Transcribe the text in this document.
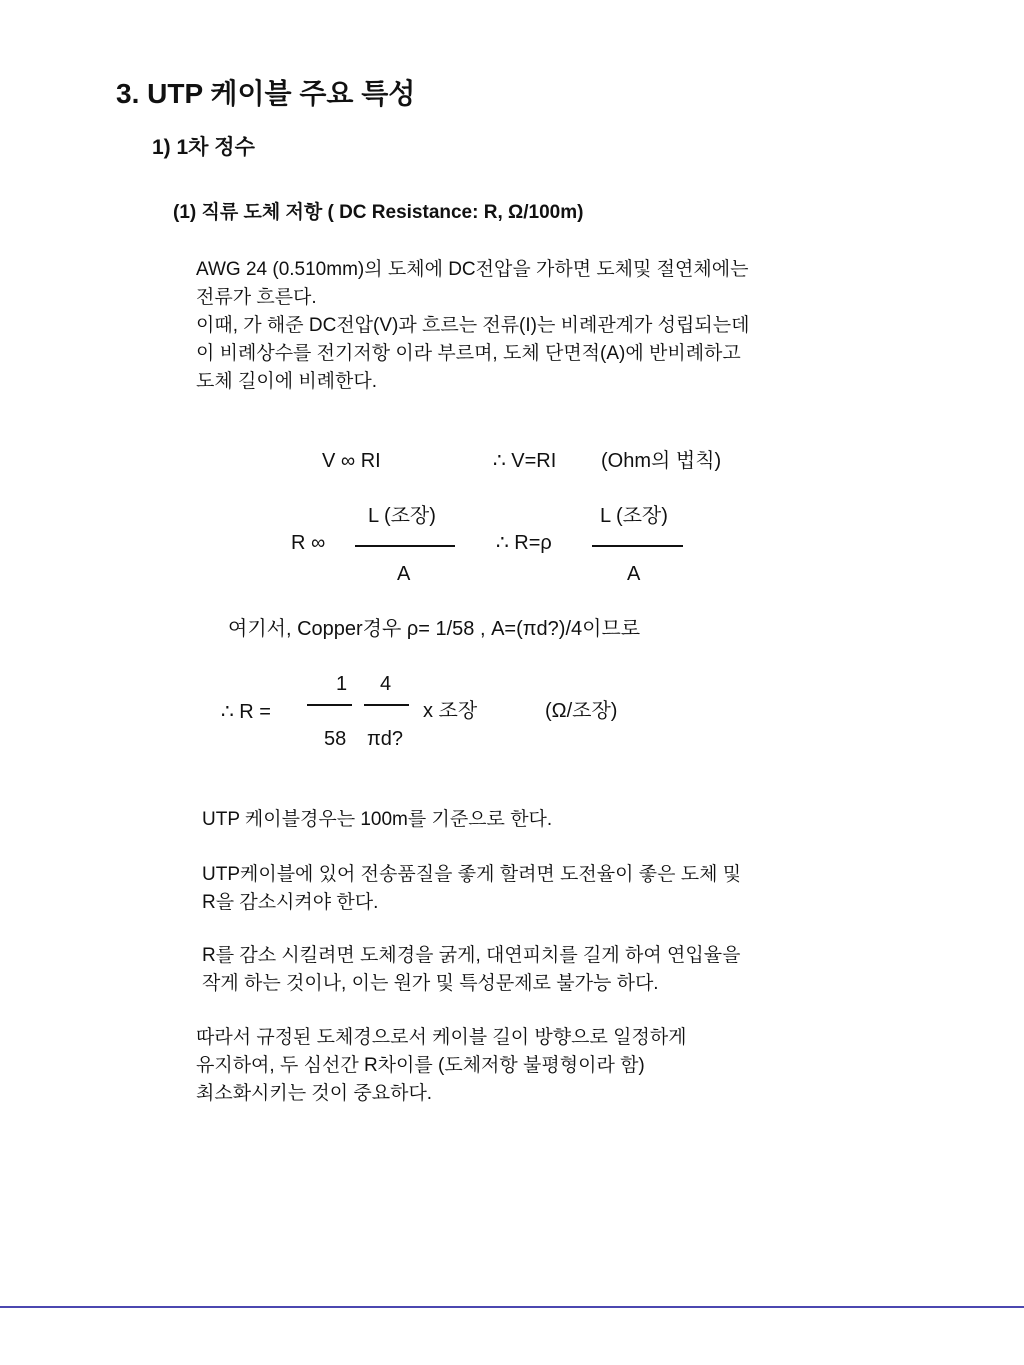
3. UTP 케이블 주요 특성
1) 1차 정수
(1) 직류 도체 저항 ( DC Resistance: R, Ω/100m)
AWG 24 (0.510mm)의 도체에 DC전압을 가하면 도체및 절연체에는
전류가 흐른다.
이때, 가 해준 DC전압(V)과 흐르는 전류(I)는 비례관계가 성립되는데
이 비례상수를 전기저항 이라 부르며, 도체 단면적(A)에 반비례하고
도체 길이에 비례한다.
V ∞ RI	∴ V=RI (Ohm의 법칙)
L (조장)
R ∞
A
L (조장)
∴ R=ρ
A
여기서, Copper경우 ρ= 1/58 , A=(πd?)/4이므로
1 4
∴ R =	x 조장	(Ω/조장)
58 πd?
UTP 케이블경우는 100m를 기준으로 한다.
UTP케이블에 있어 전송품질을 좋게 할려면 도전율이 좋은 도체 및
R을 감소시켜야 한다.
R를 감소 시킬려면 도체경을 굵게, 대연피치를 길게 하여 연입율을
작게 하는 것이나, 이는 원가 및 특성문제로 불가능 하다.
따라서 규정된 도체경으로서 케이블 길이 방향으로 일정하게
유지하여, 두 심선간 R차이를 (도체저항 불평형이라 함)
최소화시키는 것이 중요하다.
